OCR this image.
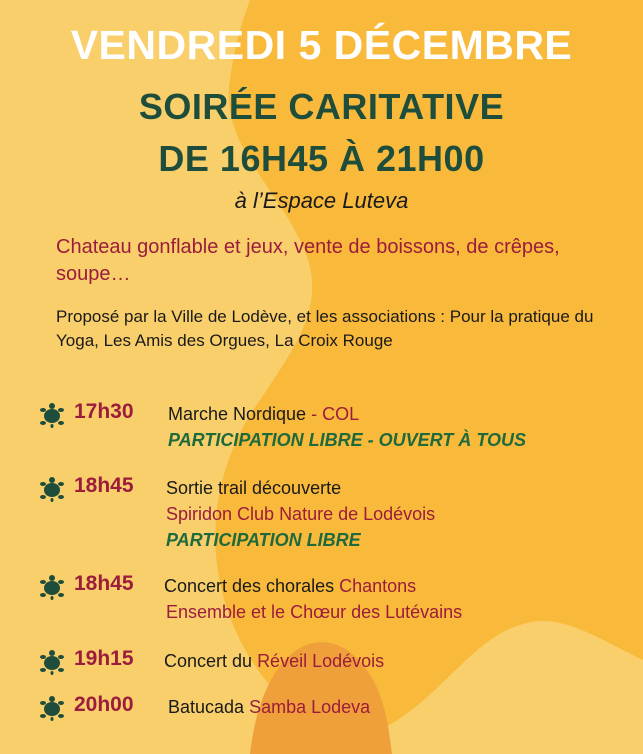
VENDREDI 5 DÉCEMBRE
SOIRÉE CARITATIVE
DE 16H45 À 21H00
à l’Espace Luteva
Chateau gonflable et jeux, vente de boissons, de crêpes, soupe…
Proposé par la Ville de Lodève, et les associations : Pour la pratique du Yoga, Les Amis des Orgues, La Croix Rouge
17h30 Marche Nordique - COL
PARTICIPATION LIBRE - OUVERT À TOUS
18h45 Sortie trail découverte
Spiridon Club Nature de Lodévois
PARTICIPATION LIBRE
18h45 Concert des chorales Chantons
Ensemble et le Chœur des Lutévains
19h15 Concert du Réveil Lodévois
20h00 Batucada Samba Lodeva
